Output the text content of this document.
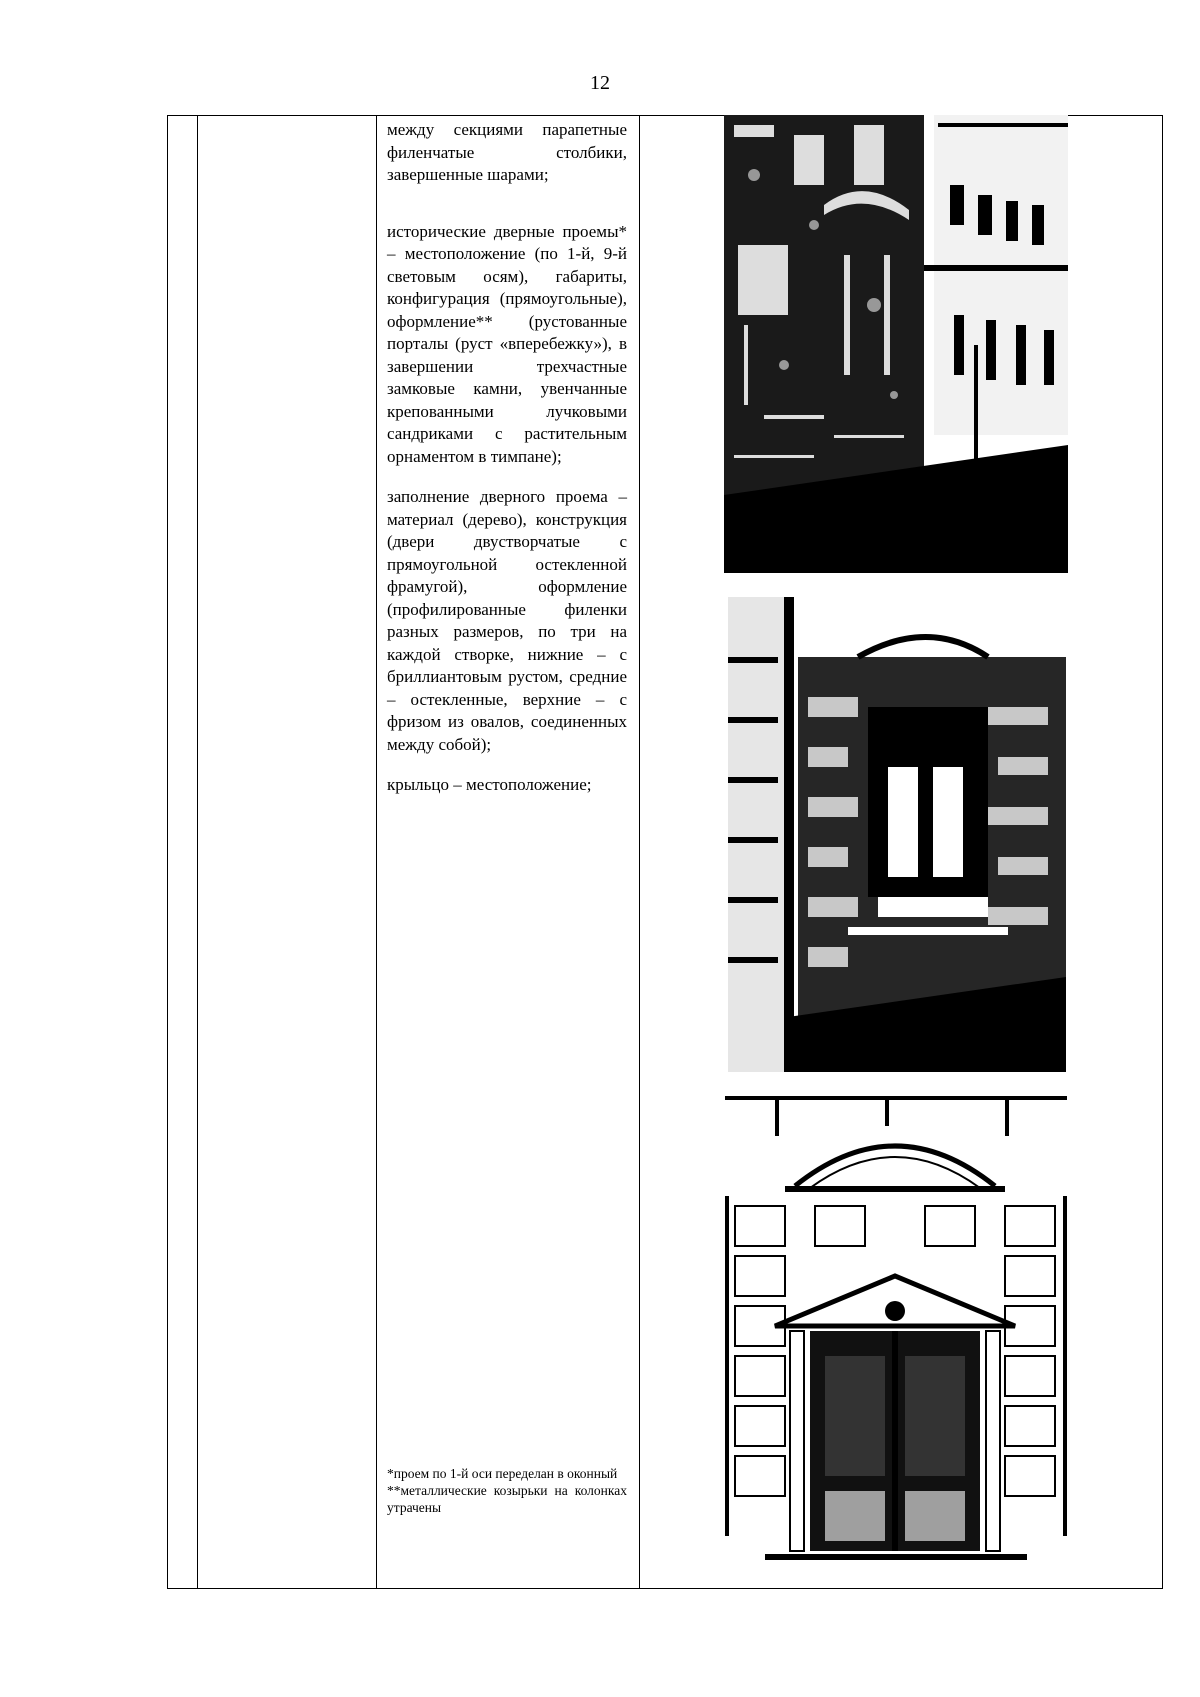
12

между секциями парапетные филенчатые столбики, завершенные шарами;

исторические дверные проемы* – местоположение (по 1-й, 9-й световым осям), габариты, конфигурация (прямоугольные), оформление** (рустованные порталы (руст «вперебежку»), в завершении трехчастные замковые камни, увенчанные крепованными лучковыми сандриками с растительным орнаментом в тимпане);

заполнение дверного проема – материал (дерево), конструкция (двери двустворчатые с прямоугольной остекленной фрамугой), оформление (профилированные филенки разных размеров, по три на каждой створке, нижние – с бриллиантовым рустом, средние – остекленные, верхние – с фризом из овалов, соединенных между собой);

крыльцо – местоположение;

*проем по 1-й оси переделан в оконный

**металлические козырьки на колонках утрачены
